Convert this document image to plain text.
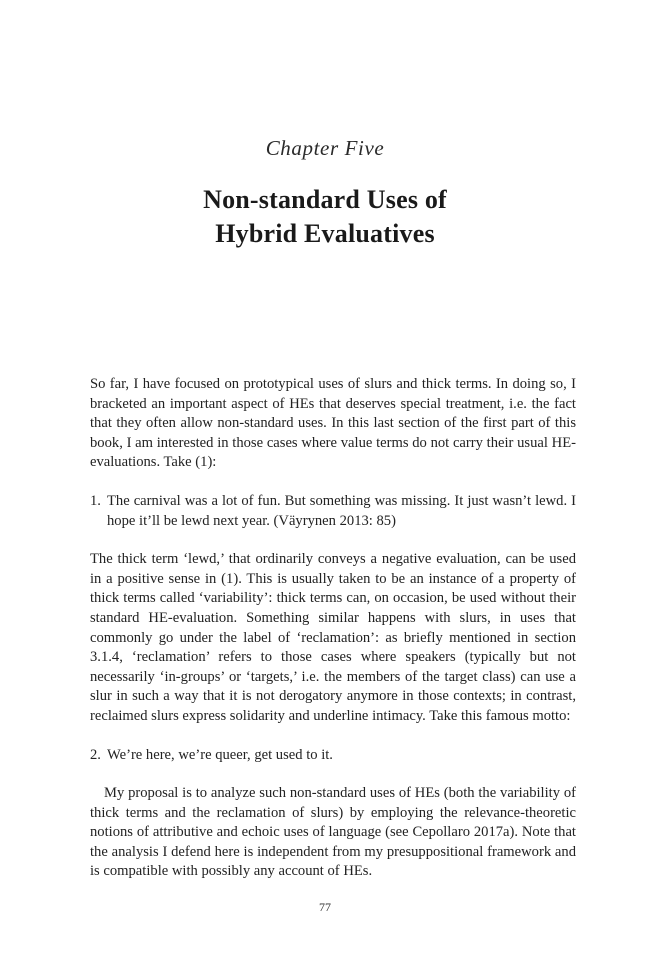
Chapter Five
Non-standard Uses of
Hybrid Evaluatives

So far, I have focused on prototypical uses of slurs and thick terms. In doing so, I bracketed an important aspect of HEs that deserves special treatment, i.e. the fact that they often allow non-standard uses. In this last section of the first part of this book, I am interested in those cases where value terms do not carry their usual HE-evaluations. Take (1):

1. The carnival was a lot of fun. But something was missing. It just wasn’t lewd. I hope it’ll be lewd next year. (Väyrynen 2013: 85)

The thick term ‘lewd,’ that ordinarily conveys a negative evaluation, can be used in a positive sense in (1). This is usually taken to be an instance of a property of thick terms called ‘variability’: thick terms can, on occasion, be used without their standard HE-evaluation. Something similar happens with slurs, in uses that commonly go under the label of ‘reclamation’: as briefly mentioned in section 3.1.4, ‘reclamation’ refers to those cases where speakers (typically but not necessarily ‘in-groups’ or ‘targets,’ i.e. the members of the target class) can use a slur in such a way that it is not derogatory anymore in those contexts; in contrast, reclaimed slurs express solidarity and underline intimacy. Take this famous motto:

2. We’re here, we’re queer, get used to it.

My proposal is to analyze such non-standard uses of HEs (both the variability of thick terms and the reclamation of slurs) by employing the relevance-theoretic notions of attributive and echoic uses of language (see Cepollaro 2017a). Note that the analysis I defend here is independent from my presuppositional framework and is compatible with possibly any account of HEs.

77
